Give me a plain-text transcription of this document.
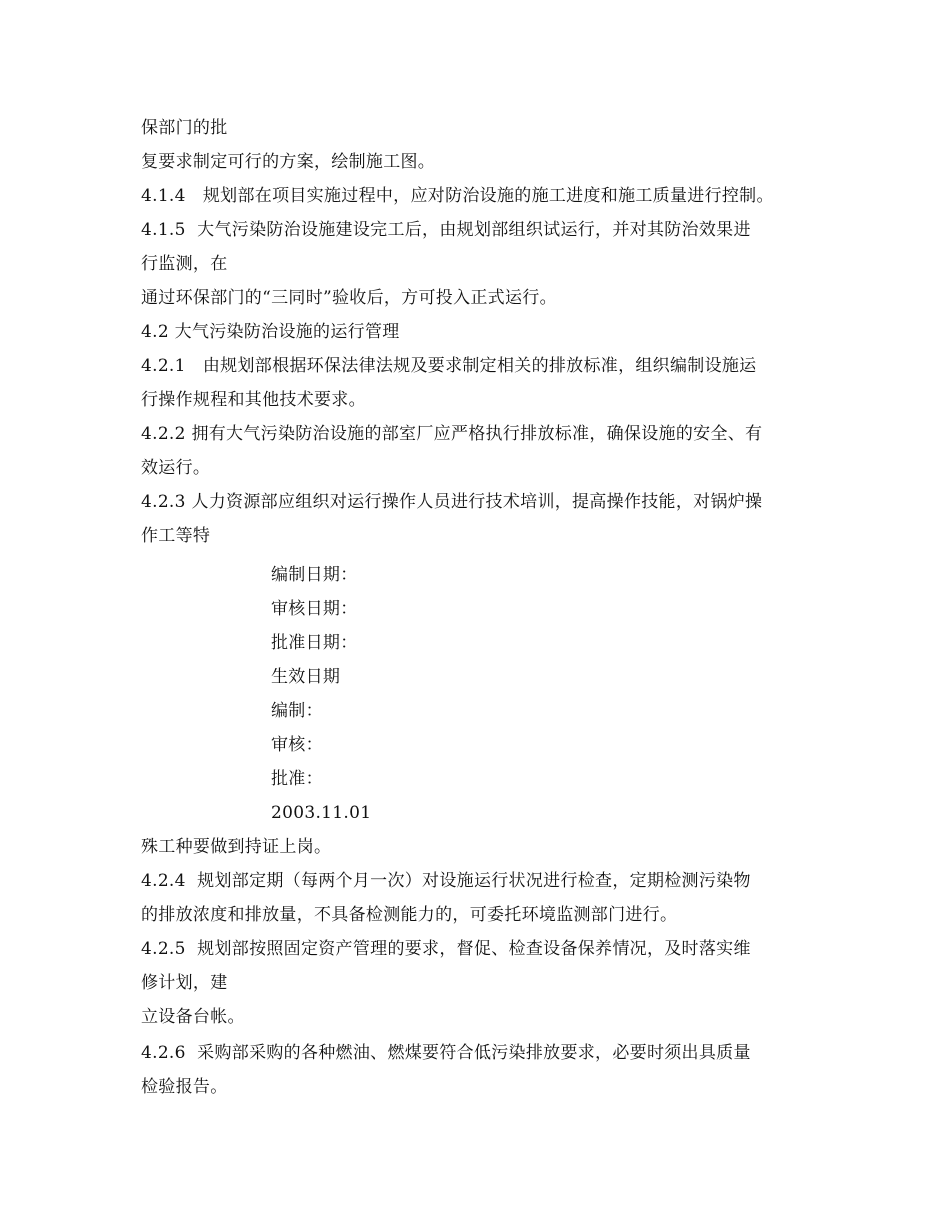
保部门的批
复要求制定可行的方案，绘制施工图。
4.1.4   规划部在项目实施过程中，应对防治设施的施工进度和施工质量进行控制。
4.1.5  大气污染防治设施建设完工后，由规划部组织试运行，并对其防治效果进
行监测，在
通过环保部门的“三同时”验收后，方可投入正式运行。
4.2 大气污染防治设施的运行管理
4.2.1   由规划部根据环保法律法规及要求制定相关的排放标准，组织编制设施运
行操作规程和其他技术要求。
4.2.2 拥有大气污染防治设施的部室厂应严格执行排放标准，确保设施的安全、有
效运行。
4.2.3 人力资源部应组织对运行操作人员进行技术培训，提高操作技能，对锅炉操
作工等特
编制日期：
审核日期：
批准日期：
生效日期
编制：
审核：
批准：
2003.11.01
殊工种要做到持证上岗。
4.2.4  规划部定期（每两个月一次）对设施运行状况进行检查，定期检测污染物
的排放浓度和排放量，不具备检测能力的，可委托环境监测部门进行。
4.2.5  规划部按照固定资产管理的要求，督促、检查设备保养情况，及时落实维
修计划，建
立设备台帐。
4.2.6  采购部采购的各种燃油、燃煤要符合低污染排放要求，必要时须出具质量
检验报告。
